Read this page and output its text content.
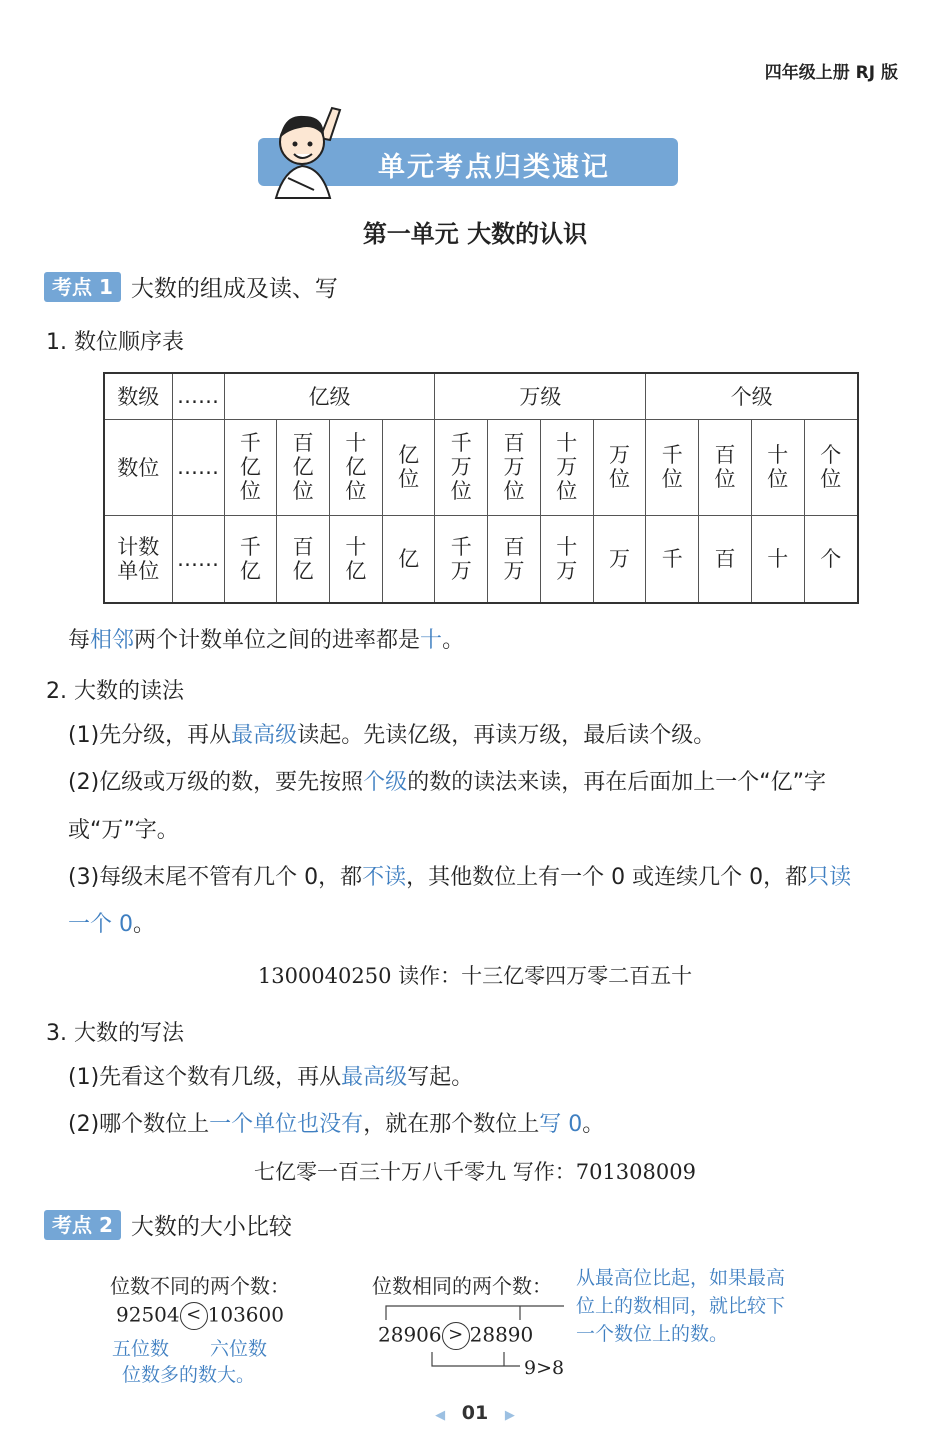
四年级上册 RJ 版
单元考点归类速记
第一单元 大数的认识
考点 1 大数的组成及读、写
1. 数位顺序表
数级	……	亿级				万级				个级			
数位	……	千亿位	百亿位	十亿位	亿位	千万位	百万位	十万位	万位	千位	百位	十位	个位
计数单位	……	千亿	百亿	十亿	亿	千万	百万	十万	万	千	百	十	个
每相邻两个计数单位之间的进率都是十。
2. 大数的读法
(1)先分级，再从最高级读起。先读亿级，再读万级，最后读个级。
(2)亿级或万级的数，要先按照个级的数的读法来读，再在后面加上一个“亿”字
或“万”字。
(3)每级末尾不管有几个 0，都不读，其他数位上有一个 0 或连续几个 0，都只读
一个 0。
1300040250 读作：十三亿零四万零二百五十
3. 大数的写法
(1)先看这个数有几级，再从最高级写起。
(2)哪个数位上一个单位也没有，就在那个数位上写 0。
七亿零一百三十万八千零九 写作：701308009
考点 2 大数的大小比较
位数不同的两个数：
92504 < 103600
五位数 六位数
位数多的数大。
位数相同的两个数：
28906 > 28890
9>8
从最高位比起，如果最高
位上的数相同，就比较下
一个数位上的数。
◀ 01 ▶
